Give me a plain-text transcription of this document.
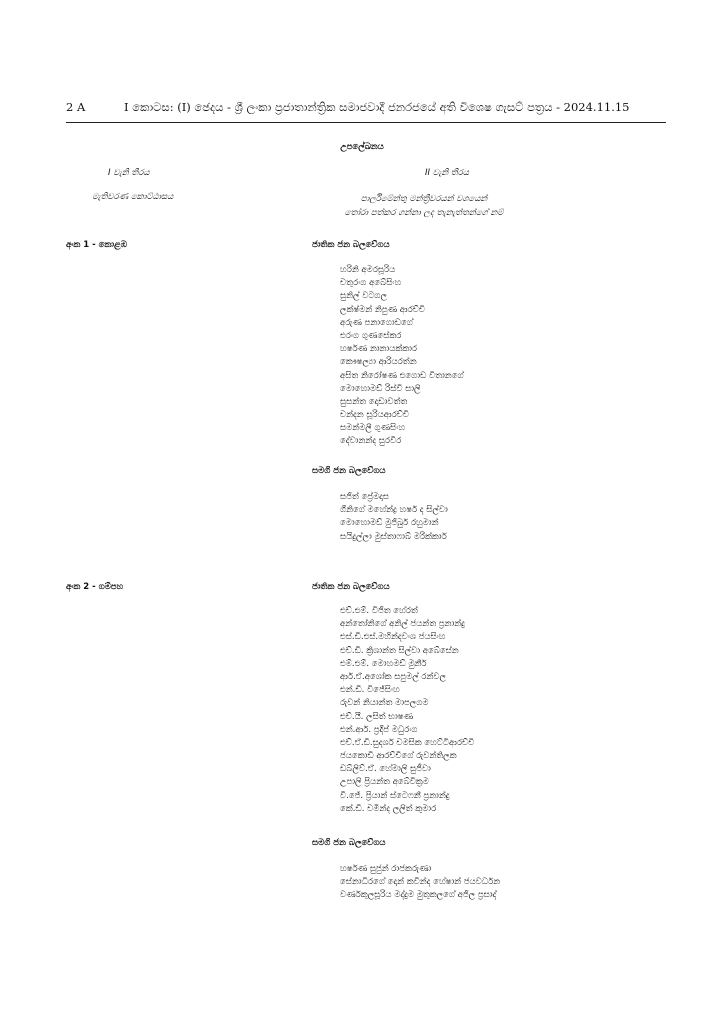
2 A	I කොටස: (I) ඡෙදය - ශ්‍රී ලංකා ප්‍රජාතාන්ත්‍රික සමාජවාදී ජනරජයේ අති විශෙෂ ගැසට් පත්‍රය - 2024.11.15
උපලේඛනය
I වැනි තීරය	II වැනි තීරය
මැතිවරණ කොට්ඨාසය	පාර්ලිමේන්තු මන්ත්‍රීවරයන් වශයෙන්
තෝරා පත්කර ගන්නා ලද තැනැත්තන්ගේ නම්
අංක 1 - කොළඹ	ජාතික ජන බලවේගය
හරිනි අමරසූරිය
චතුරංග අබේසිංහ
සුනිල් වටගල
ලක්ෂ්මන් නිපුණ ආරච්චි
අරුණ පනාගොඩගේ
එරංග ගුණසේකර
හර්ෂණ නානායක්කාර
කෞෂල්‍යා ආරියරත්න
අසිත නිරෝෂණ එගොඩ විතානගේ
මොහොමඩ් රිස්වි සාලි
සුසන්ත දොඩාවත්ත
චන්දන සූරියආරච්චි
සමන්මලී ගුණසිංහ
දේවානන්ද සුරවීර
සමගි ජන බලවේගය
සජිත් ප්‍රේමදාස
ගීනිගේ මහේන්ද්‍ර හර්ෂ ද සිල්වා
මොහොමඩ් මුජිබුර් රහුමාන්
සයිදුල්ලා මුස්තාෆාබ් මරික්කාර්
අංක 2 - ගම්පහ	ජාතික ජන බලවේගය
එච්.එම්. විජිත හේරත්
අන්තෝනිගේ අනිල් ජයන්ත ප්‍රනාන්දු
එස්.ඩී.එස්.මහින්දවංශ ජයසිංහ
එච්.ඩී. ක්‍රිශාන්ත සිල්වා අබේසේන
එම්.එම්. මොහමඩ් මුනීර්
ආර්.ඒ.අශෝක සපුමල් රන්වල
එන්.ඩී. විජේසිංහ
රුවන් නියාන්ත මාපලගම
එච්.යී. ලසිත් භාෂණ
එන්.ආර්. ප්‍රදීප් මධුරංග
එච්.ඒ.ඩී.සුදර්ශ චමසික හෙට්ටිආරච්චි
ජයකොඩි ආරච්චිගේ රුවන්තිලක
ඩබ්ලිව්.ඒ. හේමාලි සුජීවා
උපාලි ප්‍රියන්ත අබේවික්‍රම
වී.ජේ. ප්‍රියාන් ස්ටෙෆනී ප්‍රනාන්දු
කේ.ඩී. චමින්ද ලලිත් කුමාර
සමගි ජන බලවේගය
හර්ෂණ සුජුන් රාජකරුණා
සේනාධිරගේ දොන් කවින්ද හේෂාන් ජයවර්ධන
වර්ණකුලසූරිය මද්දුම මුතුකලගේ අජිල ප්‍රසාද්
